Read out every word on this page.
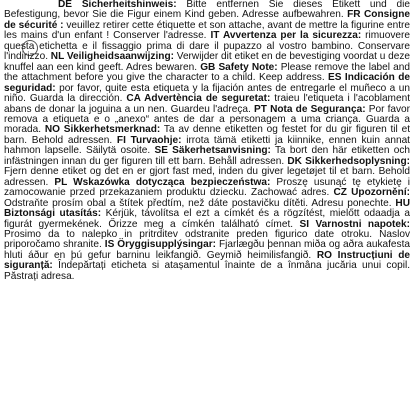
DE Sicherheitshinweis: Bitte entfernen Sie dieses Etikett und die Befestigung, bevor Sie die Figur einem Kind geben. Adresse aufbewahren. FR Consigne de sécurité : veuillez retirer cette étiquette et son attache, avant de mettre la figurine entre les mains d'un enfant ! Conserver l'adresse. IT Avvertenza per la sicurezza: rimuovere questa etichetta e il fissaggio prima di dare il pupazzo al vostro bambino. Conservare l'indirizzo. NL Veiligheidsaanwijzing: Verwijder dit etiket en de bevestiging voordat u deze knuffel aan een kind geeft. Adres bewaren. GB Safety Note: Please remove the label and the attachment before you give the character to a child. Keep address. ES Indicación de seguridad: por favor, quite esta etiqueta y la fijación antes de entregarle el muñeco a un niño. Guarda la dirección. CA Advertència de seguretat: traieu l'etiqueta i l'acoblament abans de donar la joguina a un nen. Guardeu l'adreça. PT Nota de Segurança: Por favor remova a etiqueta e o „anexo“ antes de dar a personagem a uma criança. Guarda a morada. NO Sikkerhetsmerknad: Ta av denne etiketten og festet for du gir figuren til et barn. Behold adressen. FI Turvaohje: irrota tämä etiketti ja kiinnike, ennen kuin annat hahmon lapselle. Säilytä osoite. SE Säkerhetsanvisning: Ta bort den här etiketten och infästningen innan du ger figuren till ett barn. Behåll adressen. DK Sikkerhedsoplysning: Fjern denne etiket og det en er gjort fast med, inden du giver legetøjet til et barn. Behold adressen. PL Wskazówka dotycząca bezpieczeństwa: Proszę usunąć tę etykietę i zamocowanie przed przekazaniem produktu dziecku. Zachować adres. CZ Upozornění: Odstraňte prosím obal a štítek předtím, než dáte postavičku dítěti. Adresu ponechte. HU Biztonsági utasítás: Kérjük, távolítsa el ezt a címkét és a rögzítést, mielőtt odaadja a figurát gyermekének. Őrizze meg a címkén található címet. SI Varnostni napotek: Prosimo da to nalepko in pritrditev odstranite preden figurico date otroku. Naslov priporočamo shranite. IS Öryggisupplýsingar: Fjarlægðu þennan miða og aðra aukafesta hluti áður en þú gefur barninu leikfangið. Geymið heimilisfangið. RO Instrucțiuni de siguranță: Îndepărtați eticheta si atașamentul înainte de a înmâna jucăria unui copil. Păstrați adresa.
